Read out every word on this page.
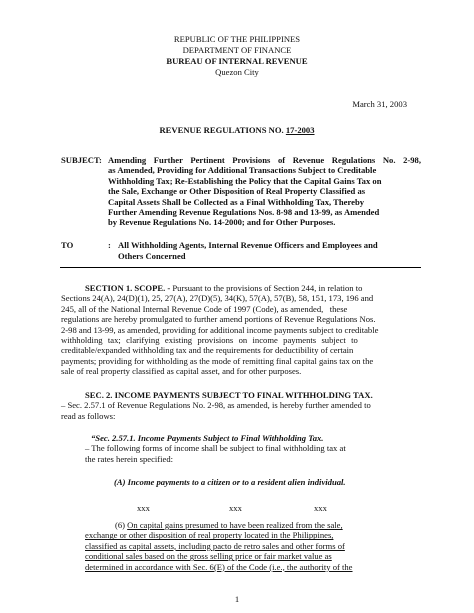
REPUBLIC OF THE PHILIPPINES
DEPARTMENT OF FINANCE
BUREAU OF INTERNAL REVENUE
Quezon City
March 31, 2003
REVENUE REGULATIONS NO. 17-2003
SUBJECT: Amending Further Pertinent Provisions of Revenue Regulations No. 2-98,
as Amended, Providing for Additional Transactions Subject to Creditable
Withholding Tax; Re-Establishing the Policy that the Capital Gains Tax on
the Sale, Exchange or Other Disposition of Real Property Classified as
Capital Assets Shall be Collected as a Final Withholding Tax, Thereby
Further Amending Revenue Regulations Nos. 8-98 and 13-99, as Amended
by Revenue Regulations No. 14-2000; and for Other Purposes.
TO	: All Withholding Agents, Internal Revenue Officers and Employees and
Others Concerned
SECTION 1. SCOPE. - Pursuant to the provisions of Section 244, in relation to
Sections 24(A), 24(D)(1), 25, 27(A), 27(D)(5), 34(K), 57(A), 57(B), 58, 151, 173, 196 and
245, all of the National Internal Revenue Code of 1997 (Code), as amended,   these
regulations are hereby promulgated to further amend portions of Revenue Regulations Nos.
2-98 and 13-99, as amended, providing for additional income payments subject to creditable
withholding tax; clarifying existing provisions on income payments subject to
creditable/expanded withholding tax and the requirements for deductibility of certain
payments; providing for withholding as the mode of remitting final capital gains tax on the
sale of real property classified as capital asset, and for other purposes.
SEC. 2. INCOME PAYMENTS SUBJECT TO FINAL WITHHOLDING TAX.
– Sec. 2.57.1 of Revenue Regulations No. 2-98, as amended, is hereby further amended to
read as follows:
“Sec. 2.57.1. Income Payments Subject to Final Withholding Tax.
– The following forms of income shall be subject to final withholding tax at
the rates herein specified:
(A) Income payments to a citizen or to a resident alien individual.
xxx	xxx	xxx
(6) On capital gains presumed to have been realized from the sale,
exchange or other disposition of real property located in the Philippines,
classified as capital assets, including pacto de retro sales and other forms of
conditional sales based on the gross selling price or fair market value as
determined in accordance with Sec. 6(E) of the Code (i.e., the authority of the
1
